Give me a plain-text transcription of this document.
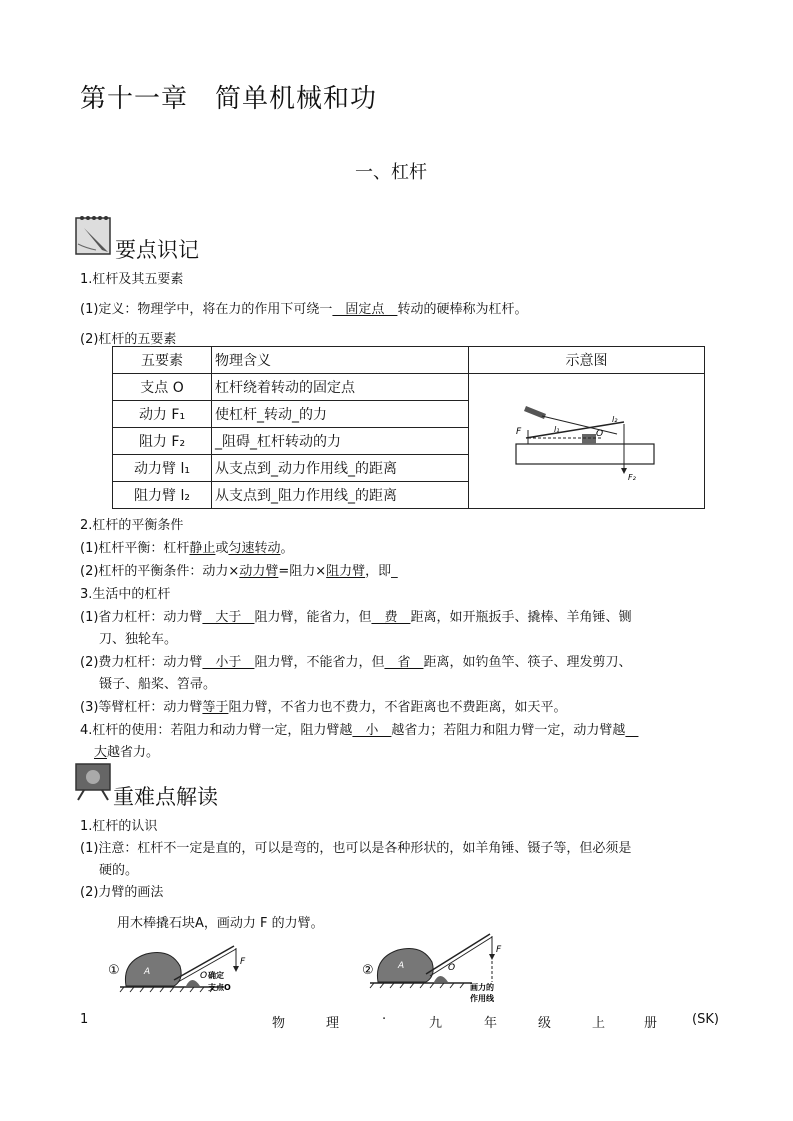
第十一章　简单机械和功
一、杠杆
要点识记
1.杠杆及其五要素
(1)定义：物理学中，将在力的作用下可绕一　固定点　转动的硬棒称为杠杆。
(2)杠杆的五要素
五要素	物理含义	示意图
支点 O	杠杆绕着转动的固定点	F O
l₁
l₂
F₂

动力 F₁	使杠杆_转动_的力	
阻力 F₂	_阻碍_杠杆转动的力	
动力臂 l₁	从支点到_动力作用线_的距离	
阻力臂 l₂	从支点到_阻力作用线_的距离	
2.杠杆的平衡条件
(1)杠杆平衡：杠杆静止或匀速转动。
(2)杠杆的平衡条件：动力×动力臂=阻力×阻力臂，即_
3.生活中的杠杆
(1)省力杠杆：动力臂　大于　阻力臂，能省力，但　费　距离，如开瓶扳手、撬棒、羊角锤、铡
刀、独轮车。
(2)费力杠杆：动力臂　小于　阻力臂，不能省力，但　省　距离，如钓鱼竿、筷子、理发剪刀、
镊子、船桨、笤帚。
(3)等臂杠杆：动力臂等于阻力臂，不省力也不费力，不省距离也不费距离，如天平。
4.杠杆的使用：若阻力和动力臂一定，阻力臂越　小　越省力；若阻力和阻力臂一定，动力臂越　
大越省力。
重难点解读
1.杠杆的认识
(1)注意：杠杆不一定是直的，可以是弯的，也可以是各种形状的，如羊角锤、镊子等，但必须是
硬的。
(2)力臂的画法
用木棒撬石块A，画动力 F 的力臂。
①	A	O
F
确定
支点O
②	A	O
F
画力的
作用线
1	物	理	·	九	年	级	上	册	(SK)
